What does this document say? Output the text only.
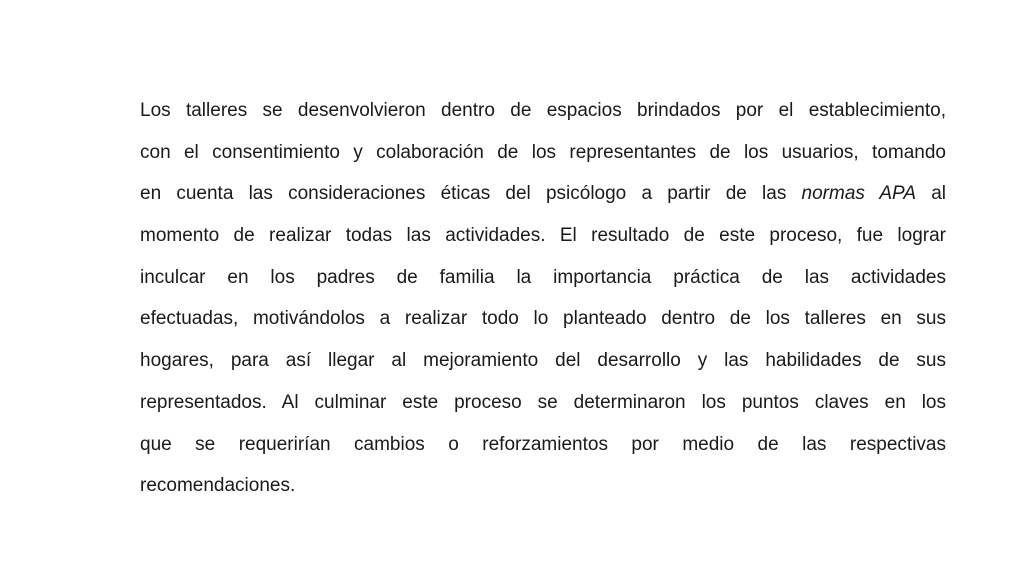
Los talleres se desenvolvieron dentro de espacios brindados por el establecimiento,
con el consentimiento y colaboración de los representantes de los usuarios, tomando
en cuenta las consideraciones éticas del psicólogo a partir de las normas APA al
momento de realizar todas las actividades. El resultado de este proceso, fue lograr
inculcar en los padres de familia la importancia práctica de las actividades
efectuadas, motivándolos a realizar todo lo planteado dentro de los talleres en sus
hogares, para así llegar al mejoramiento del desarrollo y las habilidades de sus
representados. Al culminar este proceso se determinaron los puntos claves en los
que se requerirían cambios o reforzamientos por medio de las respectivas
recomendaciones.
